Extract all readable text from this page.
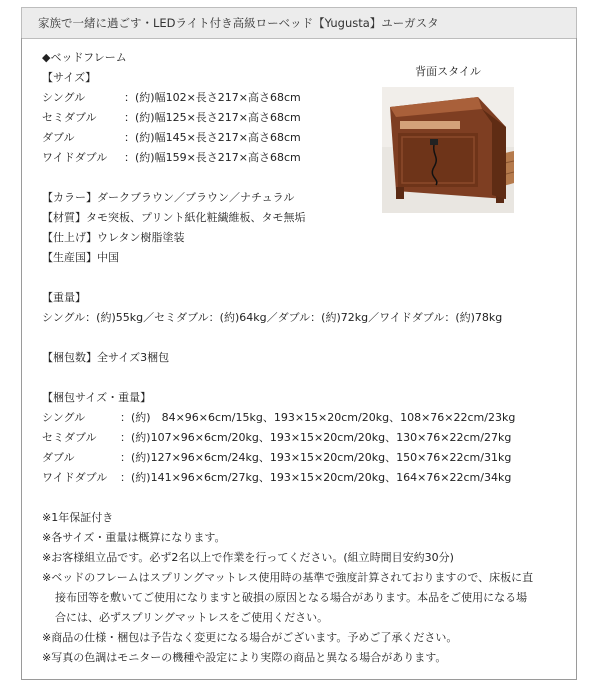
家族で一緒に過ごす・LEDライト付き高級ローベッド【Yugusta】ユーガスタ
背面スタイル
◆ベッドフレーム
【サイズ】
シングル	：(約)幅102×長さ217×高さ68cm
セミダブル	：(約)幅125×長さ217×高さ68cm
ダブル	：(約)幅145×長さ217×高さ68cm
ワイドダブル	：(約)幅159×長さ217×高さ68cm
【カラー】ダークブラウン／ブラウン／ナチュラル
【材質】タモ突板、プリント紙化粧繊維板、タモ無垢
【仕上げ】ウレタン樹脂塗装
【生産国】中国
【重量】
シングル：(約)55kg／セミダブル：(約)64kg／ダブル：(約)72kg／ワイドダブル：(約)78kg
【梱包数】全サイズ3梱包
【梱包サイズ・重量】
シングル	：(約)　84×96×6cm/15kg、193×15×20cm/20kg、108×76×22cm/23kg
セミダブル	：(約)107×96×6cm/20kg、193×15×20cm/20kg、130×76×22cm/27kg
ダブル	：(約)127×96×6cm/24kg、193×15×20cm/20kg、150×76×22cm/31kg
ワイドダブル	：(約)141×96×6cm/27kg、193×15×20cm/20kg、164×76×22cm/34kg
※1年保証付き
※各サイズ・重量は概算になります。
※お客様組立品です。必ず2名以上で作業を行ってください。(組立時間目安約30分)
※ベッドのフレームはスプリングマットレス使用時の基準で強度計算されておりますので、床板に直
接布団等を敷いてご使用になりますと破損の原因となる場合があります。本品をご使用になる場
合には、必ずスプリングマットレスをご使用ください。
※商品の仕様・梱包は予告なく変更になる場合がございます。予めご了承ください。
※写真の色調はモニターの機種や設定により実際の商品と異なる場合があります。
